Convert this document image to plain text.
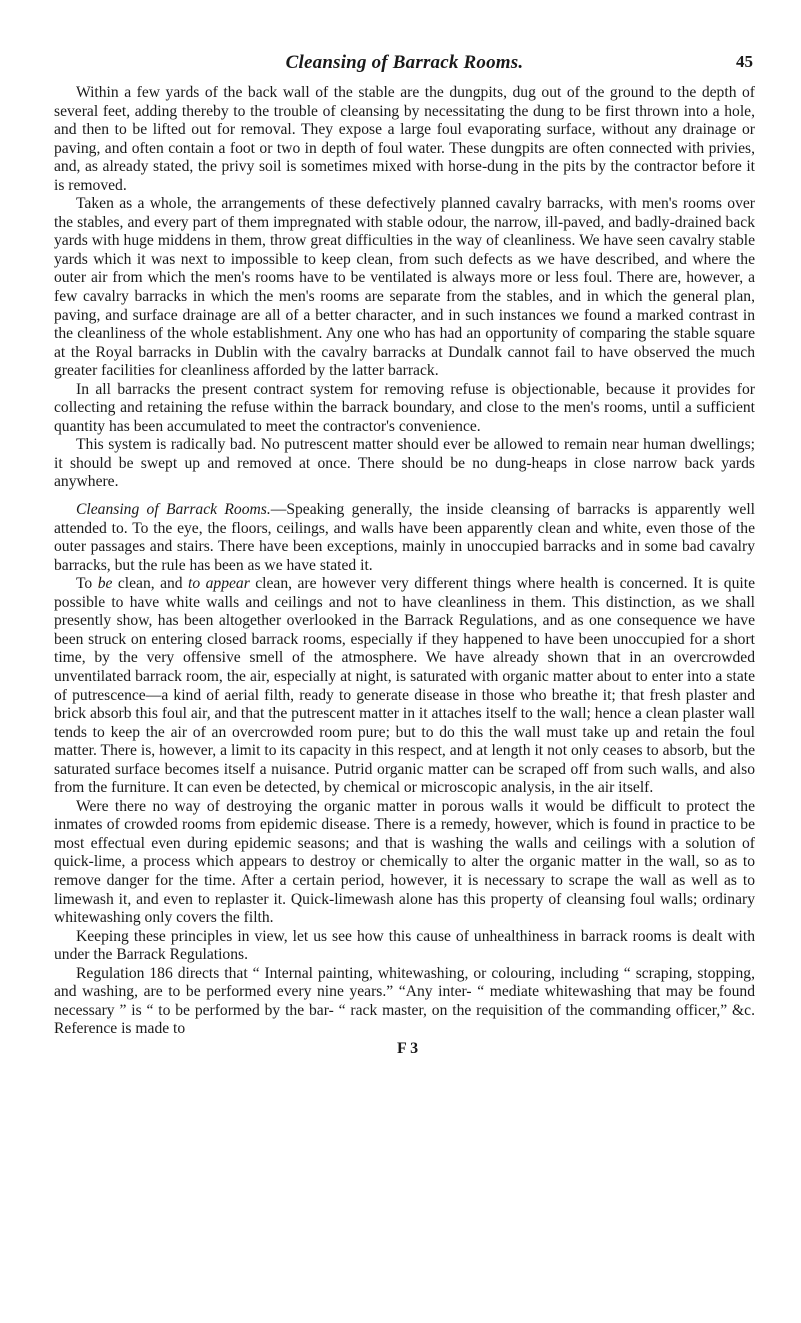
Cleansing of Barrack Rooms.	45

Within a few yards of the back wall of the stable are the dungpits, dug out of the ground to the depth of several feet, adding thereby to the trouble of cleansing by necessitating the dung to be first thrown into a hole, and then to be lifted out for removal. They expose a large foul evaporating surface, without any drainage or paving, and often contain a foot or two in depth of foul water. These dungpits are often connected with privies, and, as already stated, the privy soil is sometimes mixed with horse-dung in the pits by the contractor before it is removed.

Taken as a whole, the arrangements of these defectively planned cavalry barracks, with men's rooms over the stables, and every part of them impregnated with stable odour, the narrow, ill-paved, and badly-drained back yards with huge middens in them, throw great difficulties in the way of cleanliness. We have seen cavalry stable yards which it was next to impossible to keep clean, from such defects as we have described, and where the outer air from which the men's rooms have to be ventilated is always more or less foul. There are, however, a few cavalry barracks in which the men's rooms are separate from the stables, and in which the general plan, paving, and surface drainage are all of a better character, and in such instances we found a marked contrast in the cleanliness of the whole establishment. Any one who has had an opportunity of comparing the stable square at the Royal barracks in Dublin with the cavalry barracks at Dundalk cannot fail to have observed the much greater facilities for cleanliness afforded by the latter barrack.

In all barracks the present contract system for removing refuse is objectionable, because it provides for collecting and retaining the refuse within the barrack boundary, and close to the men's rooms, until a sufficient quantity has been accumulated to meet the contractor's convenience.

This system is radically bad. No putrescent matter should ever be allowed to remain near human dwellings; it should be swept up and removed at once. There should be no dung-heaps in close narrow back yards anywhere.

Cleansing of Barrack Rooms.—Speaking generally, the inside cleansing of barracks is apparently well attended to. To the eye, the floors, ceilings, and walls have been apparently clean and white, even those of the outer passages and stairs. There have been exceptions, mainly in unoccupied barracks and in some bad cavalry barracks, but the rule has been as we have stated it.

To be clean, and to appear clean, are however very different things where health is concerned. It is quite possible to have white walls and ceilings and not to have cleanliness in them. This distinction, as we shall presently show, has been altogether overlooked in the Barrack Regulations, and as one consequence we have been struck on entering closed barrack rooms, especially if they happened to have been unoccupied for a short time, by the very offensive smell of the atmosphere. We have already shown that in an overcrowded unventilated barrack room, the air, especially at night, is saturated with organic matter about to enter into a state of putrescence—a kind of aerial filth, ready to generate disease in those who breathe it; that fresh plaster and brick absorb this foul air, and that the putrescent matter in it attaches itself to the wall; hence a clean plaster wall tends to keep the air of an overcrowded room pure; but to do this the wall must take up and retain the foul matter. There is, however, a limit to its capacity in this respect, and at length it not only ceases to absorb, but the saturated surface becomes itself a nuisance. Putrid organic matter can be scraped off from such walls, and also from the furniture. It can even be detected, by chemical or microscopic analysis, in the air itself.

Were there no way of destroying the organic matter in porous walls it would be difficult to protect the inmates of crowded rooms from epidemic disease. There is a remedy, however, which is found in practice to be most effectual even during epidemic seasons; and that is washing the walls and ceilings with a solution of quick-lime, a process which appears to destroy or chemically to alter the organic matter in the wall, so as to remove danger for the time. After a certain period, however, it is necessary to scrape the wall as well as to limewash it, and even to replaster it. Quick-limewash alone has this property of cleansing foul walls; ordinary whitewashing only covers the filth.

Keeping these principles in view, let us see how this cause of unhealthiness in barrack rooms is dealt with under the Barrack Regulations.

Regulation 186 directs that “ Internal painting, whitewashing, or colouring, including “ scraping, stopping, and washing, are to be performed every nine years.” “Any inter- “ mediate whitewashing that may be found necessary ” is “ to be performed by the bar- “ rack master, on the requisition of the commanding officer,” &c. Reference is made to

F 3
